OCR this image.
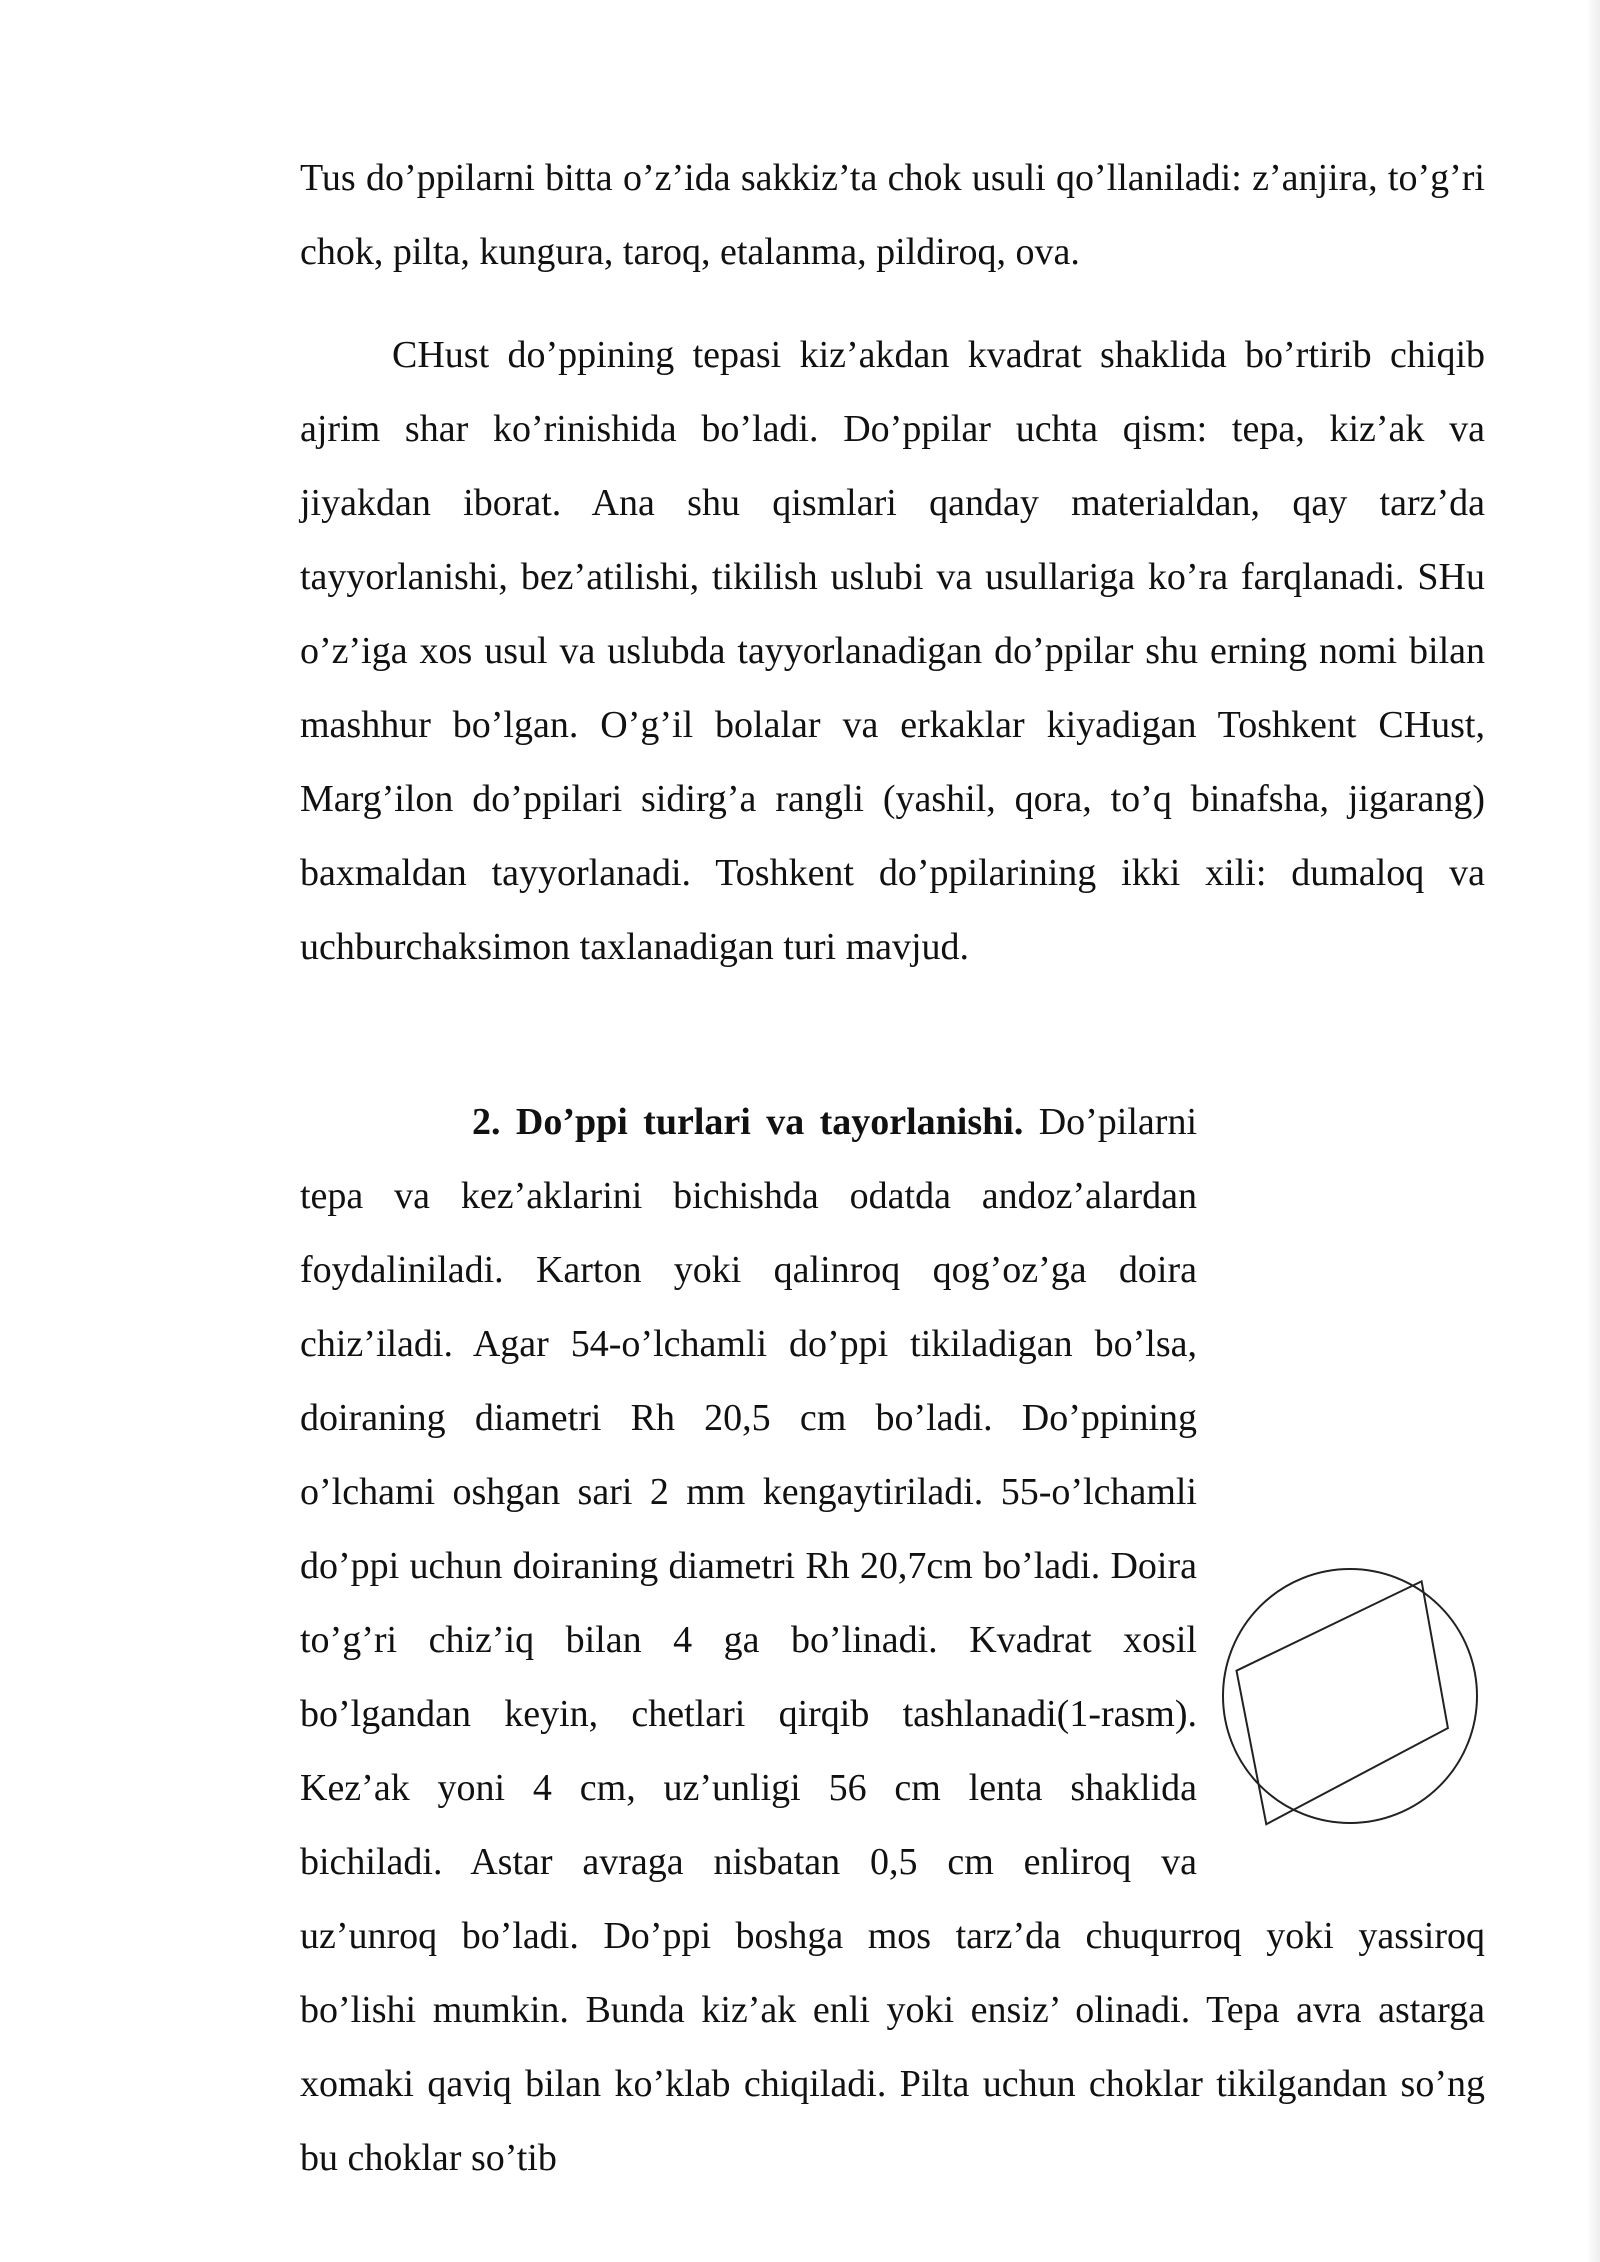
Tus do’ppilarni bitta o’z’ida sakkiz’ta chok usuli qo’llaniladi: z’anjira, to’g’ri chok, pilta, kungura, taroq, etalanma, pildiroq, ova.

CHust do’ppining tepasi kiz’akdan kvadrat shaklida bo’rtirib chiqib ajrim shar ko’rinishida bo’ladi. Do’ppilar uchta qism: tepa, kiz’ak va jiyakdan iborat. Ana shu qismlari qanday materialdan, qay tarz’da tayyorlanishi, bez’atilishi, tikilish uslubi va usullariga ko’ra farqlanadi. SHu o’z’iga xos usul va uslubda tayyorlanadigan do’ppilar shu erning nomi bilan mashhur bo’lgan. O’g’il bolalar va erkaklar kiyadigan Toshkent CHust, Marg’ilon do’ppilari sidirg’a rangli (yashil, qora, to’q binafsha, jigarang) baxmaldan tayyorlanadi. Toshkent do’ppilarining ikki xili: dumaloq va uchburchaksimon taxlanadigan turi mavjud.

2. Do’ppi turlari va tayorlanishi. Do’pilarni tepa va kez’aklarini bichishda odatda andoz’alardan foydaliniladi. Karton yoki qalinroq qog’oz’ga doira chiz’iladi. Agar 54-o’lchamli do’ppi tikiladigan bo’lsa, doiraning diametri Rh 20,5 cm bo’ladi. Do’ppining o’lchami oshgan sari 2 mm kengaytiriladi. 55-o’lchamli do’ppi uchun doiraning diametri Rh 20,7cm bo’ladi. Doira to’g’ri chiz’iq bilan 4 ga bo’linadi. Kvadrat xosil bo’lgandan keyin, chetlari qirqib tashlanadi(1-rasm). Kez’ak yoni 4 cm, uz’unligi 56 cm lenta shaklida bichiladi. Astar avraga nisbatan 0,5 cm enliroq va uz’unroq bo’ladi. Do’ppi boshga mos tarz’da chuqurroq yoki yassiroq bo’lishi mumkin. Bunda kiz’ak enli yoki ensiz’ olinadi. Tepa avra astarga xomaki qaviq bilan ko’klab chiqiladi. Pilta uchun choklar tikilgandan so’ng bu choklar so’tib
